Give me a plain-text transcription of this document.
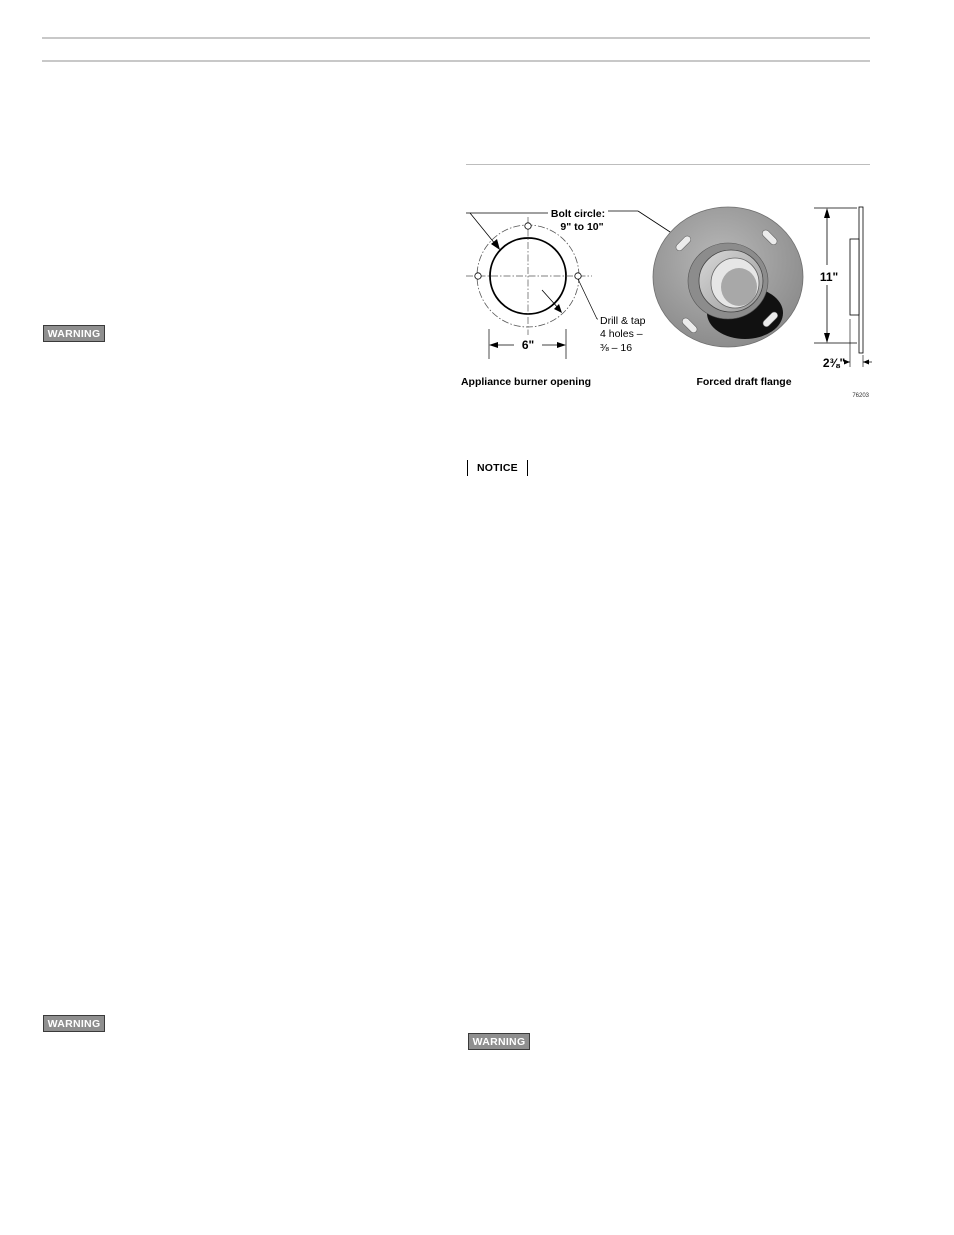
WARNING
WARNING
WARNING
NOTICE
Bolt circle:
9" to 10"
Drill & tap
4 holes –
⅜ – 16
6"
Appliance burner opening	Forced draft flange
11"
2⅜"
76203
